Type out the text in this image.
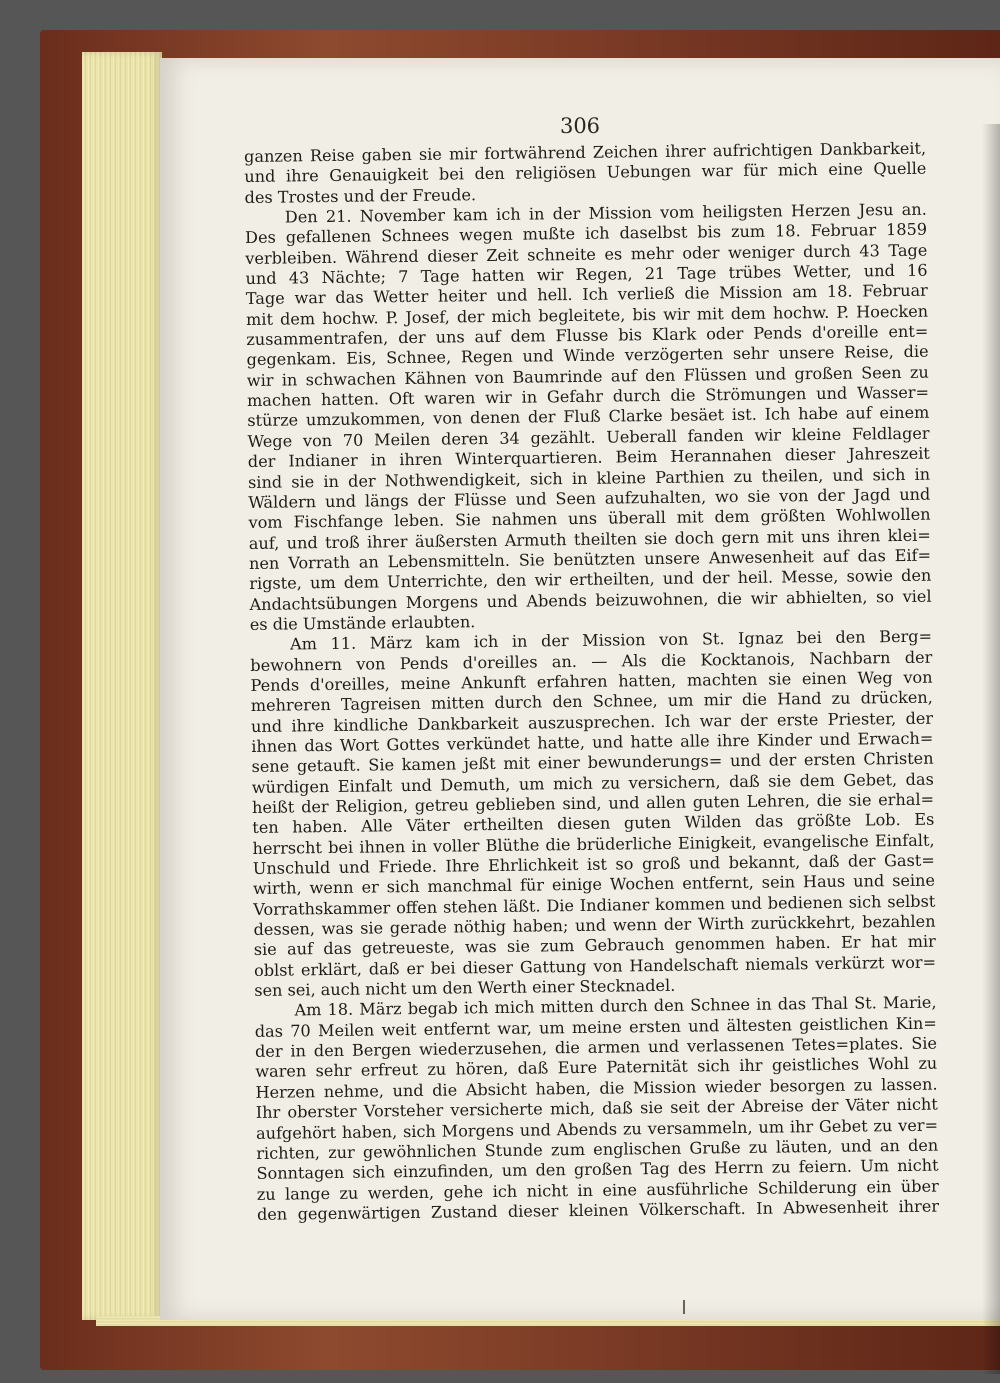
306
ganzen Reise gaben sie mir fortwährend Zeichen ihrer aufrichtigen Dankbarkeit,
und ihre Genauigkeit bei den religiösen Uebungen war für mich eine Quelle
des Trostes und der Freude.
Den 21. November kam ich in der Mission vom heiligsten Herzen Jesu an.
Des gefallenen Schnees wegen mußte ich daselbst bis zum 18. Februar 1859
verbleiben. Während dieser Zeit schneite es mehr oder weniger durch 43 Tage
und 43 Nächte; 7 Tage hatten wir Regen, 21 Tage trübes Wetter, und 16
Tage war das Wetter heiter und hell. Ich verließ die Mission am 18. Februar
mit dem hochw. P. Josef, der mich begleitete, bis wir mit dem hochw. P. Hoecken
zusammentrafen, der uns auf dem Flusse bis Klark oder Pends d'oreille ent=
gegenkam. Eis, Schnee, Regen und Winde verzögerten sehr unsere Reise, die
wir in schwachen Kähnen von Baumrinde auf den Flüssen und großen Seen zu
machen hatten. Oft waren wir in Gefahr durch die Strömungen und Wasser=
stürze umzukommen, von denen der Fluß Clarke besäet ist. Ich habe auf einem
Wege von 70 Meilen deren 34 gezählt. Ueberall fanden wir kleine Feldlager
der Indianer in ihren Winterquartieren. Beim Herannahen dieser Jahreszeit
sind sie in der Nothwendigkeit, sich in kleine Parthien zu theilen, und sich in
Wäldern und längs der Flüsse und Seen aufzuhalten, wo sie von der Jagd und
vom Fischfange leben. Sie nahmen uns überall mit dem größten Wohlwollen
auf, und troß ihrer äußersten Armuth theilten sie doch gern mit uns ihren klei=
nen Vorrath an Lebensmitteln. Sie benützten unsere Anwesenheit auf das Eif=
rigste, um dem Unterrichte, den wir ertheilten, und der heil. Messe, sowie den
Andachtsübungen Morgens und Abends beizuwohnen, die wir abhielten, so viel
es die Umstände erlaubten.
Am 11. März kam ich in der Mission von St. Ignaz bei den Berg=
bewohnern von Pends d'oreilles an. — Als die Kocktanois, Nachbarn der
Pends d'oreilles, meine Ankunft erfahren hatten, machten sie einen Weg von
mehreren Tagreisen mitten durch den Schnee, um mir die Hand zu drücken,
und ihre kindliche Dankbarkeit auszusprechen. Ich war der erste Priester, der
ihnen das Wort Gottes verkündet hatte, und hatte alle ihre Kinder und Erwach=
sene getauft. Sie kamen jeßt mit einer bewunderungs= und der ersten Christen
würdigen Einfalt und Demuth, um mich zu versichern, daß sie dem Gebet, das
heißt der Religion, getreu geblieben sind, und allen guten Lehren, die sie erhal=
ten haben. Alle Väter ertheilten diesen guten Wilden das größte Lob. Es
herrscht bei ihnen in voller Blüthe die brüderliche Einigkeit, evangelische Einfalt,
Unschuld und Friede. Ihre Ehrlichkeit ist so groß und bekannt, daß der Gast=
wirth, wenn er sich manchmal für einige Wochen entfernt, sein Haus und seine
Vorrathskammer offen stehen läßt. Die Indianer kommen und bedienen sich selbst
dessen, was sie gerade nöthig haben; und wenn der Wirth zurückkehrt, bezahlen
sie auf das getreueste, was sie zum Gebrauch genommen haben. Er hat mir
oblst erklärt, daß er bei dieser Gattung von Handelschaft niemals verkürzt wor=
sen sei, auch nicht um den Werth einer Stecknadel.
Am 18. März begab ich mich mitten durch den Schnee in das Thal St. Marie,
das 70 Meilen weit entfernt war, um meine ersten und ältesten geistlichen Kin=
der in den Bergen wiederzusehen, die armen und verlassenen Tetes=plates. Sie
waren sehr erfreut zu hören, daß Eure Paternität sich ihr geistliches Wohl zu
Herzen nehme, und die Absicht haben, die Mission wieder besorgen zu lassen.
Ihr oberster Vorsteher versicherte mich, daß sie seit der Abreise der Väter nicht
aufgehört haben, sich Morgens und Abends zu versammeln, um ihr Gebet zu ver=
richten, zur gewöhnlichen Stunde zum englischen Gruße zu läuten, und an den
Sonntagen sich einzufinden, um den großen Tag des Herrn zu feiern. Um nicht
zu lange zu werden, gehe ich nicht in eine ausführliche Schilderung ein über
den gegenwärtigen Zustand dieser kleinen Völkerschaft. In Abwesenheit ihrer
